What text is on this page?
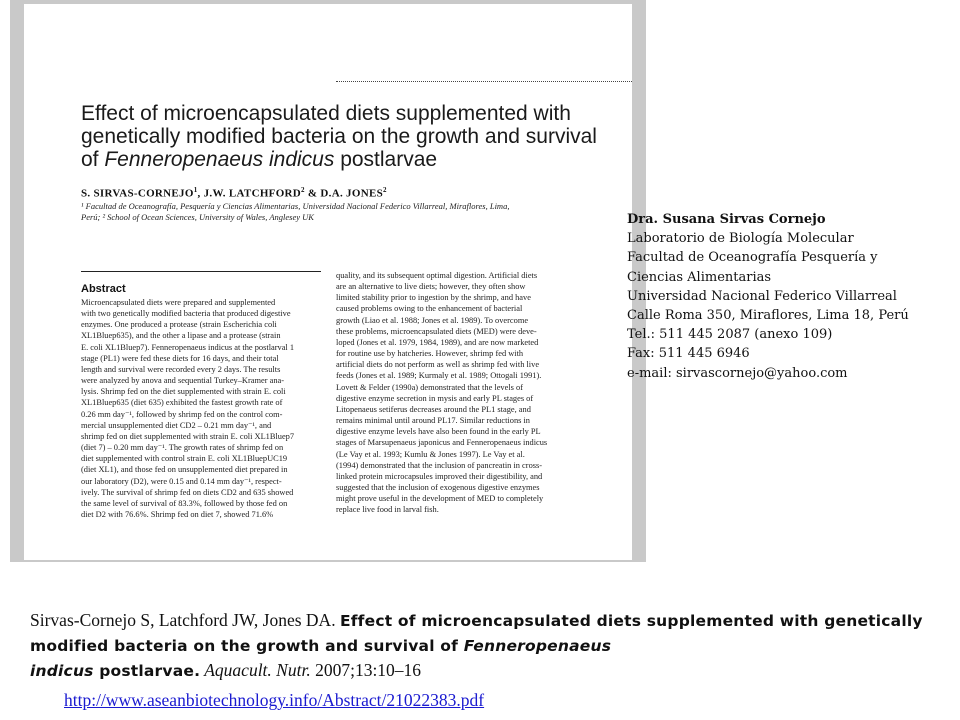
Effect of microencapsulated diets supplemented with
genetically modified bacteria on the growth and survival
of Fenneropenaeus indicus postlarvae
S. SIRVAS-CORNEJO$^1$, J.W. LATCHFORD$^2$ & D.A. JONES$^2$
¹ Facultad de Oceanografía, Pesquería y Ciencias Alimentarias, Universidad Nacional Federico Villarreal, Miraflores, Lima,
Perú; ² School of Ocean Sciences, University of Wales, Anglesey UK
Abstract

Microencapsulated diets were prepared and supplemented

with two genetically modified bacteria that produced digestive

enzymes. One produced a protease (strain Escherichia coli

XL1Bluep635), and the other a lipase and a protease (strain

E. coli XL1Bluep7). Fenneropenaeus indicus at the postlarval 1

stage (PL1) were fed these diets for 16 days, and their total

length and survival were recorded every 2 days. The results

were analyzed by anova and sequential Turkey–Kramer ana-

lysis. Shrimp fed on the diet supplemented with strain E. coli

XL1Bluep635 (diet 635) exhibited the fastest growth rate of

0.26 mm day⁻¹, followed by shrimp fed on the control com-

mercial unsupplemented diet CD2 – 0.21 mm day⁻¹, and

shrimp fed on diet supplemented with strain E. coli XL1Bluep7

(diet 7) – 0.20 mm day⁻¹. The growth rates of shrimp fed on

diet supplemented with control strain E. coli XL1BluepUC19

(diet XL1), and those fed on unsupplemented diet prepared in

our laboratory (D2), were 0.15 and 0.14 mm day⁻¹, respect-

ively. The survival of shrimp fed on diets CD2 and 635 showed

the same level of survival of 83.3%, followed by those fed on

diet D2 with 76.6%. Shrimp fed on diet 7, showed 71.6%

quality, and its subsequent optimal digestion. Artificial diets

are an alternative to live diets; however, they often show

limited stability prior to ingestion by the shrimp, and have

caused problems owing to the enhancement of bacterial

growth (Liao et al. 1988; Jones et al. 1989). To overcome

these problems, microencapsulated diets (MED) were deve-

loped (Jones et al. 1979, 1984, 1989), and are now marketed

for routine use by hatcheries. However, shrimp fed with

artificial diets do not perform as well as shrimp fed with live

feeds (Jones et al. 1989; Kurmaly et al. 1989; Ottogali 1991).

Lovett & Felder (1990a) demonstrated that the levels of

digestive enzyme secretion in mysis and early PL stages of

Litopenaeus setiferus decreases around the PL1 stage, and

remains minimal until around PL17. Similar reductions in

digestive enzyme levels have also been found in the early PL

stages of Marsupenaeus japonicus and Fenneropenaeus indicus

(Le Vay et al. 1993; Kumlu & Jones 1997). Le Vay et al.

(1994) demonstrated that the inclusion of pancreatin in cross-

linked protein microcapsules improved their digestibility, and

suggested that the inclusion of exogenous digestive enzymes

might prove useful in the development of MED to completely

replace live food in larval fish.

Dra. Susana Sirvas Cornejo
Laboratorio de Biología Molecular
Facultad de Oceanografía Pesquería y
Ciencias Alimentarias
Universidad Nacional Federico Villarreal
Calle Roma 350, Miraflores, Lima 18, Perú
Tel.: 511 445 2087 (anexo 109)
Fax: 511 445 6946
e-mail: sirvascornejo@yahoo.com
Sirvas-Cornejo S, Latchford JW, Jones DA. Effect of microencapsulated diets supplemented with genetically modified bacteria on the growth and survival of Fenneropenaeus
indicus postlarvae. Aquacult. Nutr. 2007;13:10–16
http://www.aseanbiotechnology.info/Abstract/21022383.pdf
